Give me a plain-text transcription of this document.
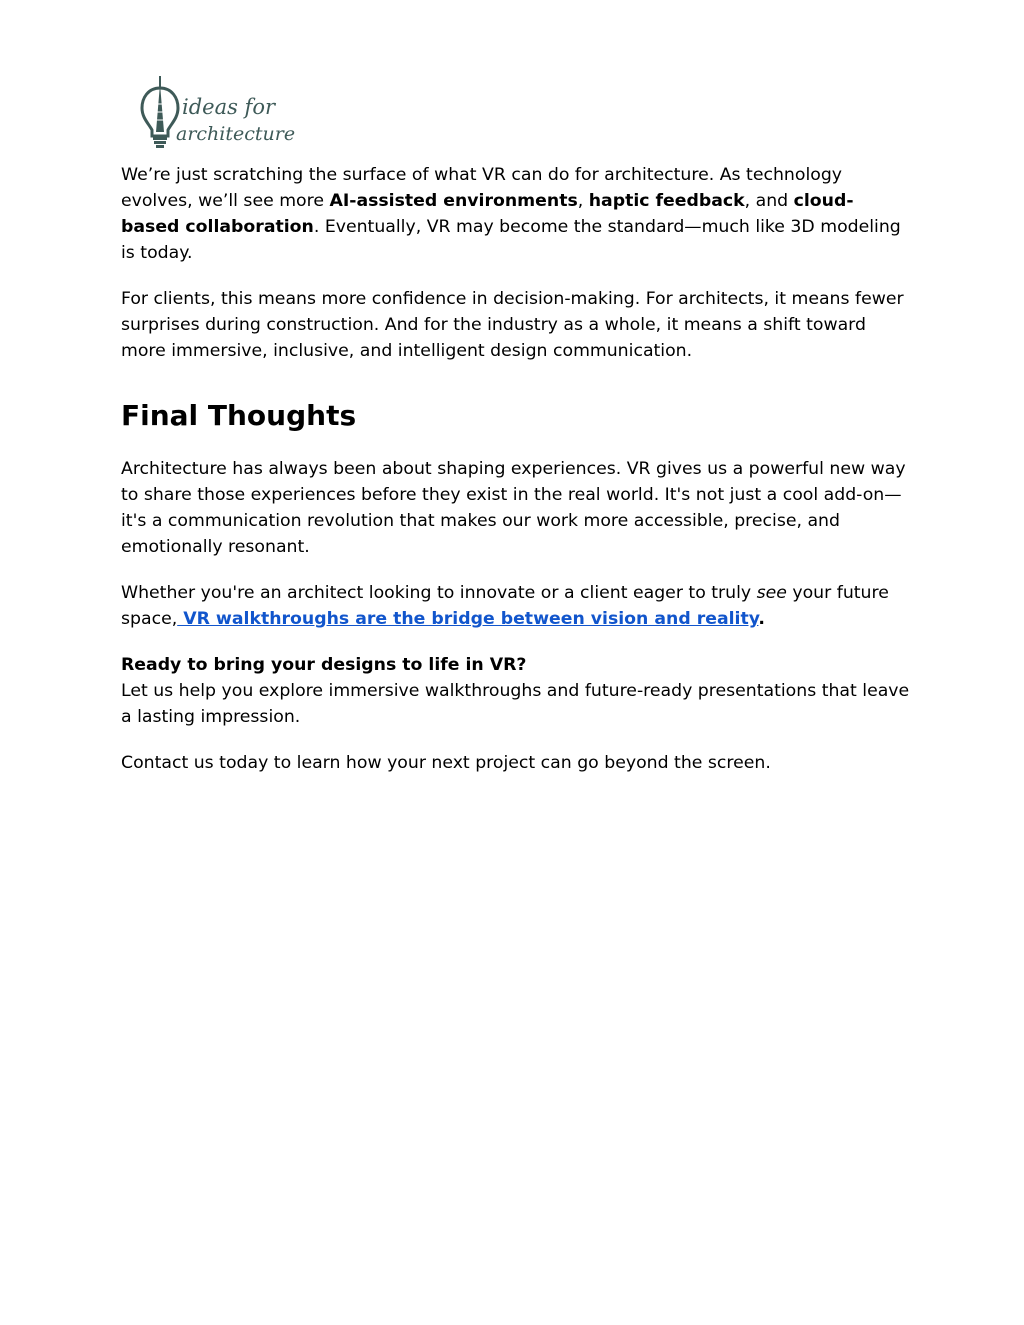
ideas for
architecture

We’re just scratching the surface of what VR can do for architecture. As technology evolves, we’ll see more AI-assisted environments, haptic feedback, and cloud-based collaboration. Eventually, VR may become the standard—much like 3D modeling is today.

For clients, this means more confidence in decision-making. For architects, it means fewer surprises during construction. And for the industry as a whole, it means a shift toward more immersive, inclusive, and intelligent design communication.

Final Thoughts

Architecture has always been about shaping experiences. VR gives us a powerful new way to share those experiences before they exist in the real world. It's not just a cool add-on—it's a communication revolution that makes our work more accessible, precise, and emotionally resonant.

Whether you're an architect looking to innovate or a client eager to truly see your future space, VR walkthroughs are the bridge between vision and reality.

Ready to bring your designs to life in VR?
Let us help you explore immersive walkthroughs and future-ready presentations that leave a lasting impression.

Contact us today to learn how your next project can go beyond the screen.
